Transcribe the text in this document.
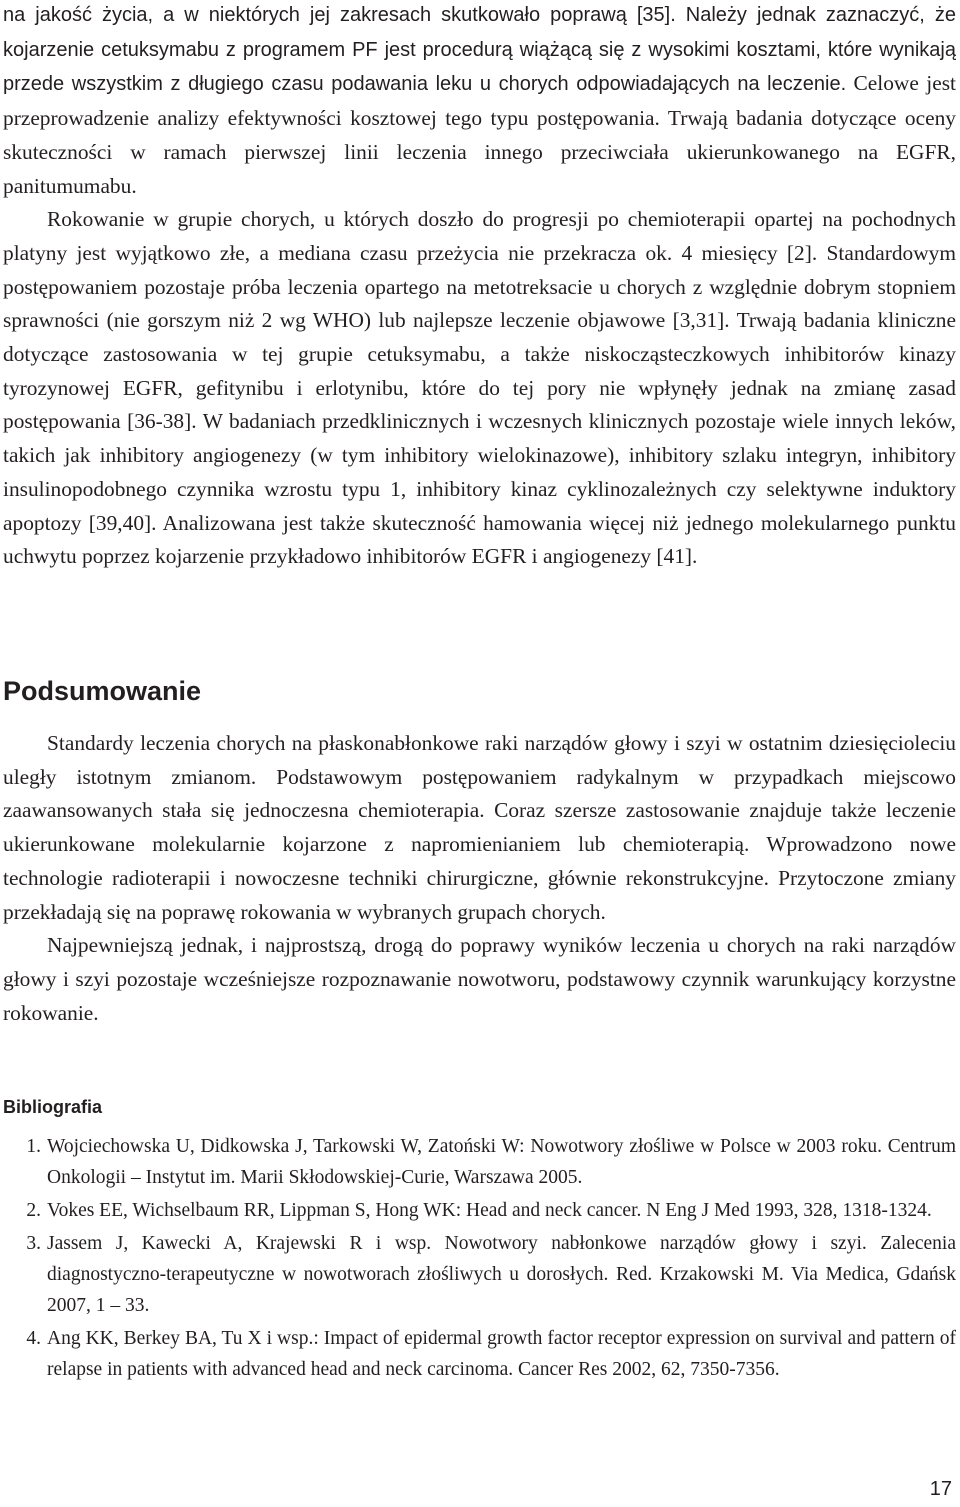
na jakość życia, a w niektórych jej zakresach skutkowało poprawą [35]. Należy jednak zaznaczyć, że kojarzenie cetuksymabu z programem PF jest procedurą wiążącą się z wysokimi kosztami, które wynikają przede wszystkim z długiego czasu podawania leku u chorych odpowiadających na leczenie. Celowe jest przeprowadzenie analizy efektywności kosztowej tego typu postępowania. Trwają badania dotyczące oceny skuteczności w ramach pierwszej linii leczenia innego przeciwciała ukierunkowanego na EGFR, panitumumabu.

Rokowanie w grupie chorych, u których doszło do progresji po chemioterapii opartej na pochodnych platyny jest wyjątkowo złe, a mediana czasu przeżycia nie przekracza ok. 4 miesięcy [2]. Standardowym postępowaniem pozostaje próba leczenia opartego na metotreksacie u chorych z względnie dobrym stopniem sprawności (nie gorszym niż 2 wg WHO) lub najlepsze leczenie objawowe [3,31]. Trwają badania kliniczne dotyczące zastosowania w tej grupie cetuksymabu, a także niskocząsteczkowych inhibitorów kinazy tyrozynowej EGFR, gefitynibu i erlotynibu, które do tej pory nie wpłynęły jednak na zmianę zasad postępowania [36-38]. W badaniach przedklinicznych i wczesnych klinicznych pozostaje wiele innych leków, takich jak inhibitory angiogenezy (w tym inhibitory wielokinazowe), inhibitory szlaku integryn, inhibitory insulinopodobnego czynnika wzrostu typu 1, inhibitory kinaz cyklinozależnych czy selektywne induktory apoptozy [39,40]. Analizowana jest także skuteczność hamowania więcej niż jednego molekularnego punktu uchwytu poprzez kojarzenie przykładowo inhibitorów EGFR i angiogenezy [41].

Podsumowanie

Standardy leczenia chorych na płaskonabłonkowe raki narządów głowy i szyi w ostatnim dziesięcioleciu uległy istotnym zmianom. Podstawowym postępowaniem radykalnym w przypadkach miejscowo zaawansowanych stała się jednoczesna chemioterapia. Coraz szersze zastosowanie znajduje także leczenie ukierunkowane molekularnie kojarzone z napromienianiem lub chemioterapią. Wprowadzono nowe technologie radioterapii i nowoczesne techniki chirurgiczne, głównie rekonstrukcyjne. Przytoczone zmiany przekładają się na poprawę rokowania w wybranych grupach chorych.

Najpewniejszą jednak, i najprostszą, drogą do poprawy wyników leczenia u chorych na raki narządów głowy i szyi pozostaje wcześniejsze rozpoznawanie nowotworu, podstawowy czynnik warunkujący korzystne rokowanie.

Bibliografia
1. Wojciechowska U, Didkowska J, Tarkowski W, Zatoński W: Nowotwory złośliwe w Polsce w 2003 roku. Centrum Onkologii – Instytut im. Marii Skłodowskiej-Curie, Warszawa 2005.
2. Vokes EE, Wichselbaum RR, Lippman S, Hong WK: Head and neck cancer. N Eng J Med 1993, 328, 1318-1324.
3. Jassem J, Kawecki A, Krajewski R i wsp. Nowotwory nabłonkowe narządów głowy i szyi. Zalecenia diagnostyczno-terapeutyczne w nowotworach złośliwych u dorosłych. Red. Krzakowski M. Via Medica, Gdańsk 2007, 1 – 33.
4. Ang KK, Berkey BA, Tu X i wsp.: Impact of epidermal growth factor receptor expression on survival and pattern of relapse in patients with advanced head and neck carcinoma. Cancer Res 2002, 62, 7350-7356.

17
